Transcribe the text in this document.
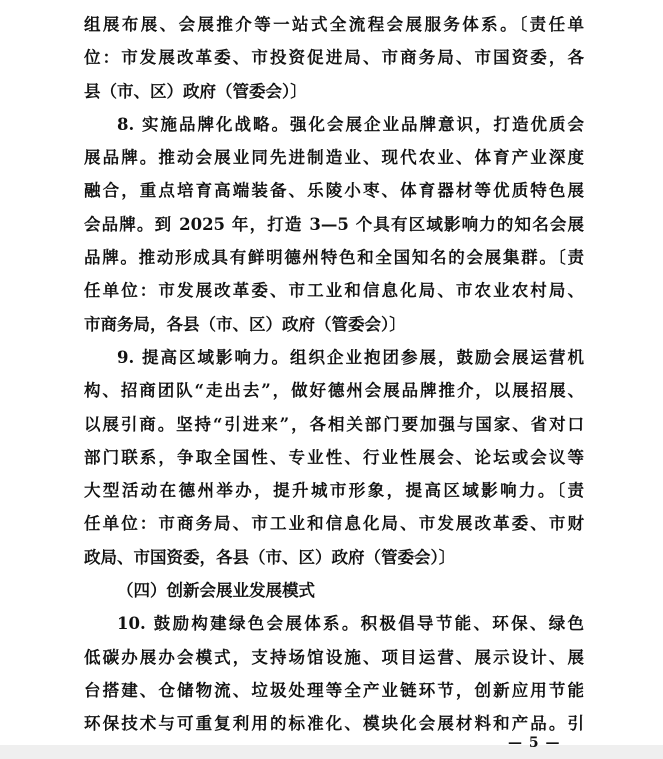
组展布展、会展推介等一站式全流程会展服务体系。〔责任单
位：市发展改革委、市投资促进局、市商务局、市国资委，各
县（市、区）政府（管委会）〕
8. 实施品牌化战略。强化会展企业品牌意识，打造优质会
展品牌。推动会展业同先进制造业、现代农业、体育产业深度
融合，重点培育高端装备、乐陵小枣、体育器材等优质特色展
会品牌。到 2025 年，打造 3—5 个具有区域影响力的知名会展
品牌。推动形成具有鲜明德州特色和全国知名的会展集群。〔责
任单位：市发展改革委、市工业和信息化局、市农业农村局、
市商务局，各县（市、区）政府（管委会）〕
9. 提高区域影响力。组织企业抱团参展，鼓励会展运营机
构、招商团队“走出去”，做好德州会展品牌推介，以展招展、
以展引商。坚持“引进来”，各相关部门要加强与国家、省对口
部门联系，争取全国性、专业性、行业性展会、论坛或会议等
大型活动在德州举办，提升城市形象，提高区域影响力。〔责
任单位：市商务局、市工业和信息化局、市发展改革委、市财
政局、市国资委，各县（市、区）政府（管委会）〕
（四）创新会展业发展模式
10. 鼓励构建绿色会展体系。积极倡导节能、环保、绿色
低碳办展办会模式，支持场馆设施、项目运营、展示设计、展
台搭建、仓储物流、垃圾处理等全产业链环节，创新应用节能
环保技术与可重复利用的标准化、模块化会展材料和产品。引
— 5 —
